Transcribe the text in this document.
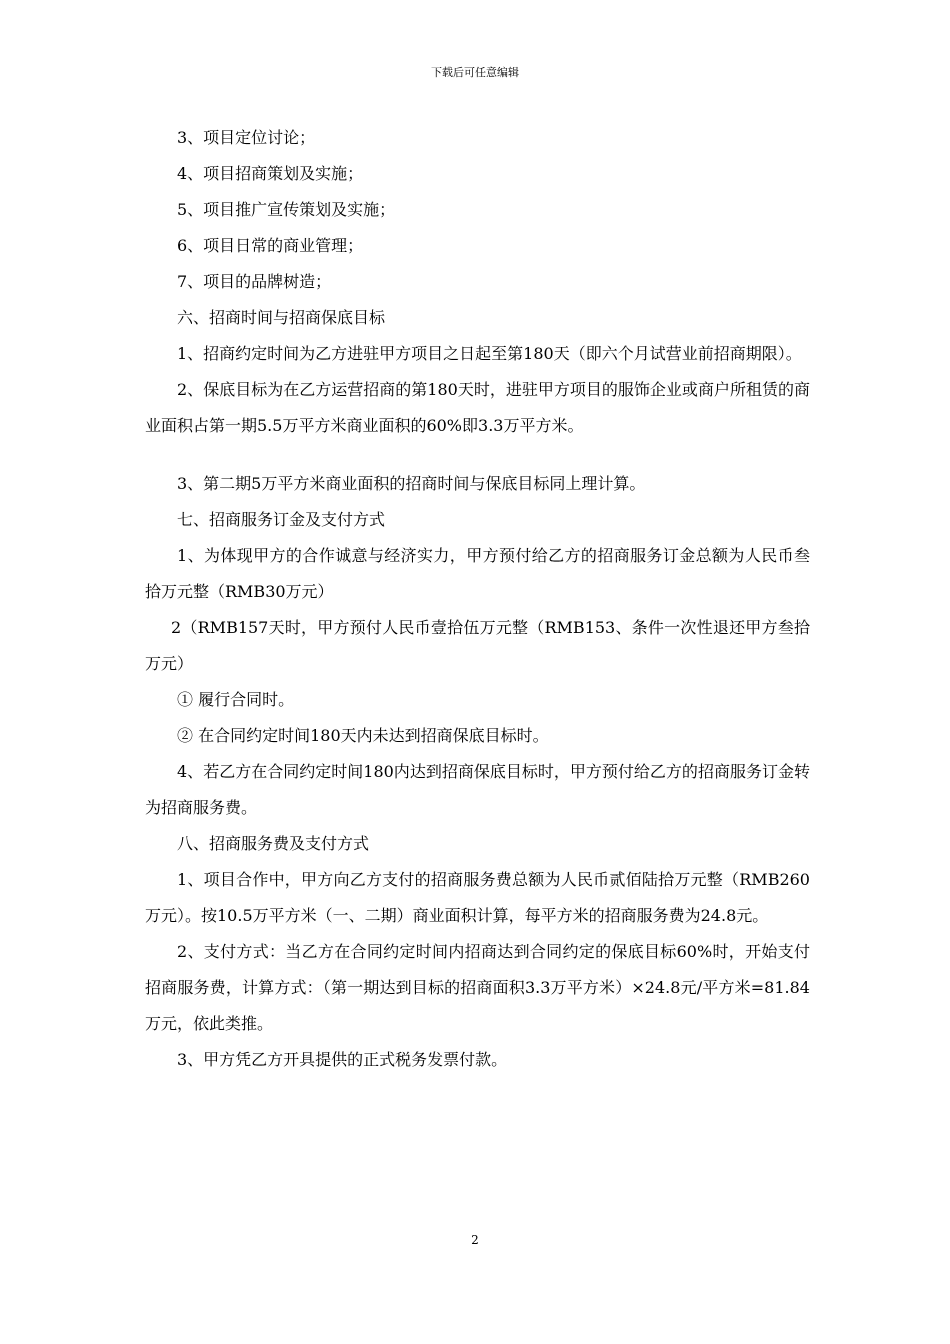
下载后可任意编辑

3、项目定位讨论；

4、项目招商策划及实施；

5、项目推广宣传策划及实施；

6、项目日常的商业管理；

7、项目的品牌树造；

六、招商时间与招商保底目标

1、招商约定时间为乙方进驻甲方项目之日起至第180天（即六个月试营业前招商期限）。

2、保底目标为在乙方运营招商的第180天时，进驻甲方项目的服饰企业或商户所租赁的商业面积占第一期5.5万平方米商业面积的60%即3.3万平方米。

3、第二期5万平方米商业面积的招商时间与保底目标同上理计算。

七、招商服务订金及支付方式

1、为体现甲方的合作诚意与经济实力，甲方预付给乙方的招商服务订金总额为人民币叁拾万元整（RMB30万元）

2（RMB157天时，甲方预付人民币壹拾伍万元整（RMB153、条件一次性退还甲方叁拾万元）

① 履行合同时。

② 在合同约定时间180天内未达到招商保底目标时。

4、若乙方在合同约定时间180内达到招商保底目标时，甲方预付给乙方的招商服务订金转为招商服务费。

八、招商服务费及支付方式

1、项目合作中，甲方向乙方支付的招商服务费总额为人民币贰佰陆拾万元整（RMB260万元）。按10.5万平方米（一、二期）商业面积计算，每平方米的招商服务费为24.8元。

2、支付方式：当乙方在合同约定时间内招商达到合同约定的保底目标60%时，开始支付招商服务费，计算方式：（第一期达到目标的招商面积3.3万平方米）×24.8元/平方米=81.84万元，依此类推。

3、甲方凭乙方开具提供的正式税务发票付款。

2
